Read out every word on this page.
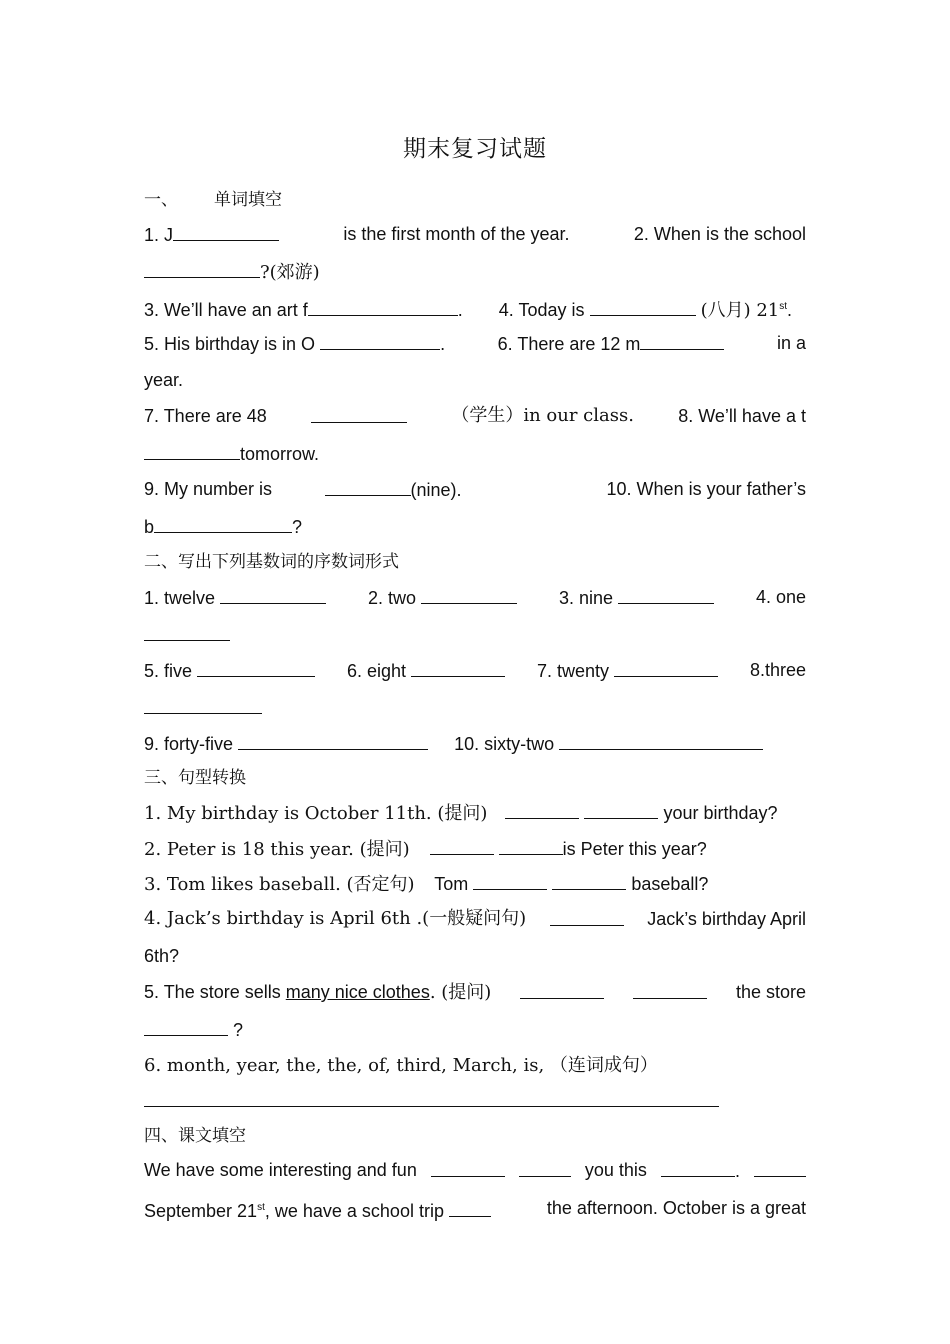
期末复习试题
一、 单词填空
1. J	is the first month of the year.	2. When is the school
?(郊游)
3. We’ll have an art f	. 4. Today is	(八月) 21st.
5. His birthday is in O	.	6. There are 12 m	in a
year.
7. There are 48	（学生）in our class. 8. We’ll have a t
tomorrow.
9. My number is	(nine).	10. When is your father’s
b	?
二、写出下列基数词的序数词形式
1. twelve	2. two	3. nine	4. one
5. five	6. eight	7. twenty	8.three
9. forty-five	10. sixty-two
三、句型转换
1. My birthday is October 11th. (提问)	your birthday?
2. Peter is 18 this year. (提问)	is Peter this year?
3. Tom likes baseball. (否定句) Tom	baseball?
4. Jack’s birthday is April 6th .(一般疑问句)	Jack’s birthday April
6th?
5. The store sells many nice clothes. (提问)	the store
?
6. month, year, the, the, of, third, March, is, （连词成句）
四、课文填空
We have some interesting and fun	you this	.
September 21st, we have a school trip	the afternoon. October is a great
